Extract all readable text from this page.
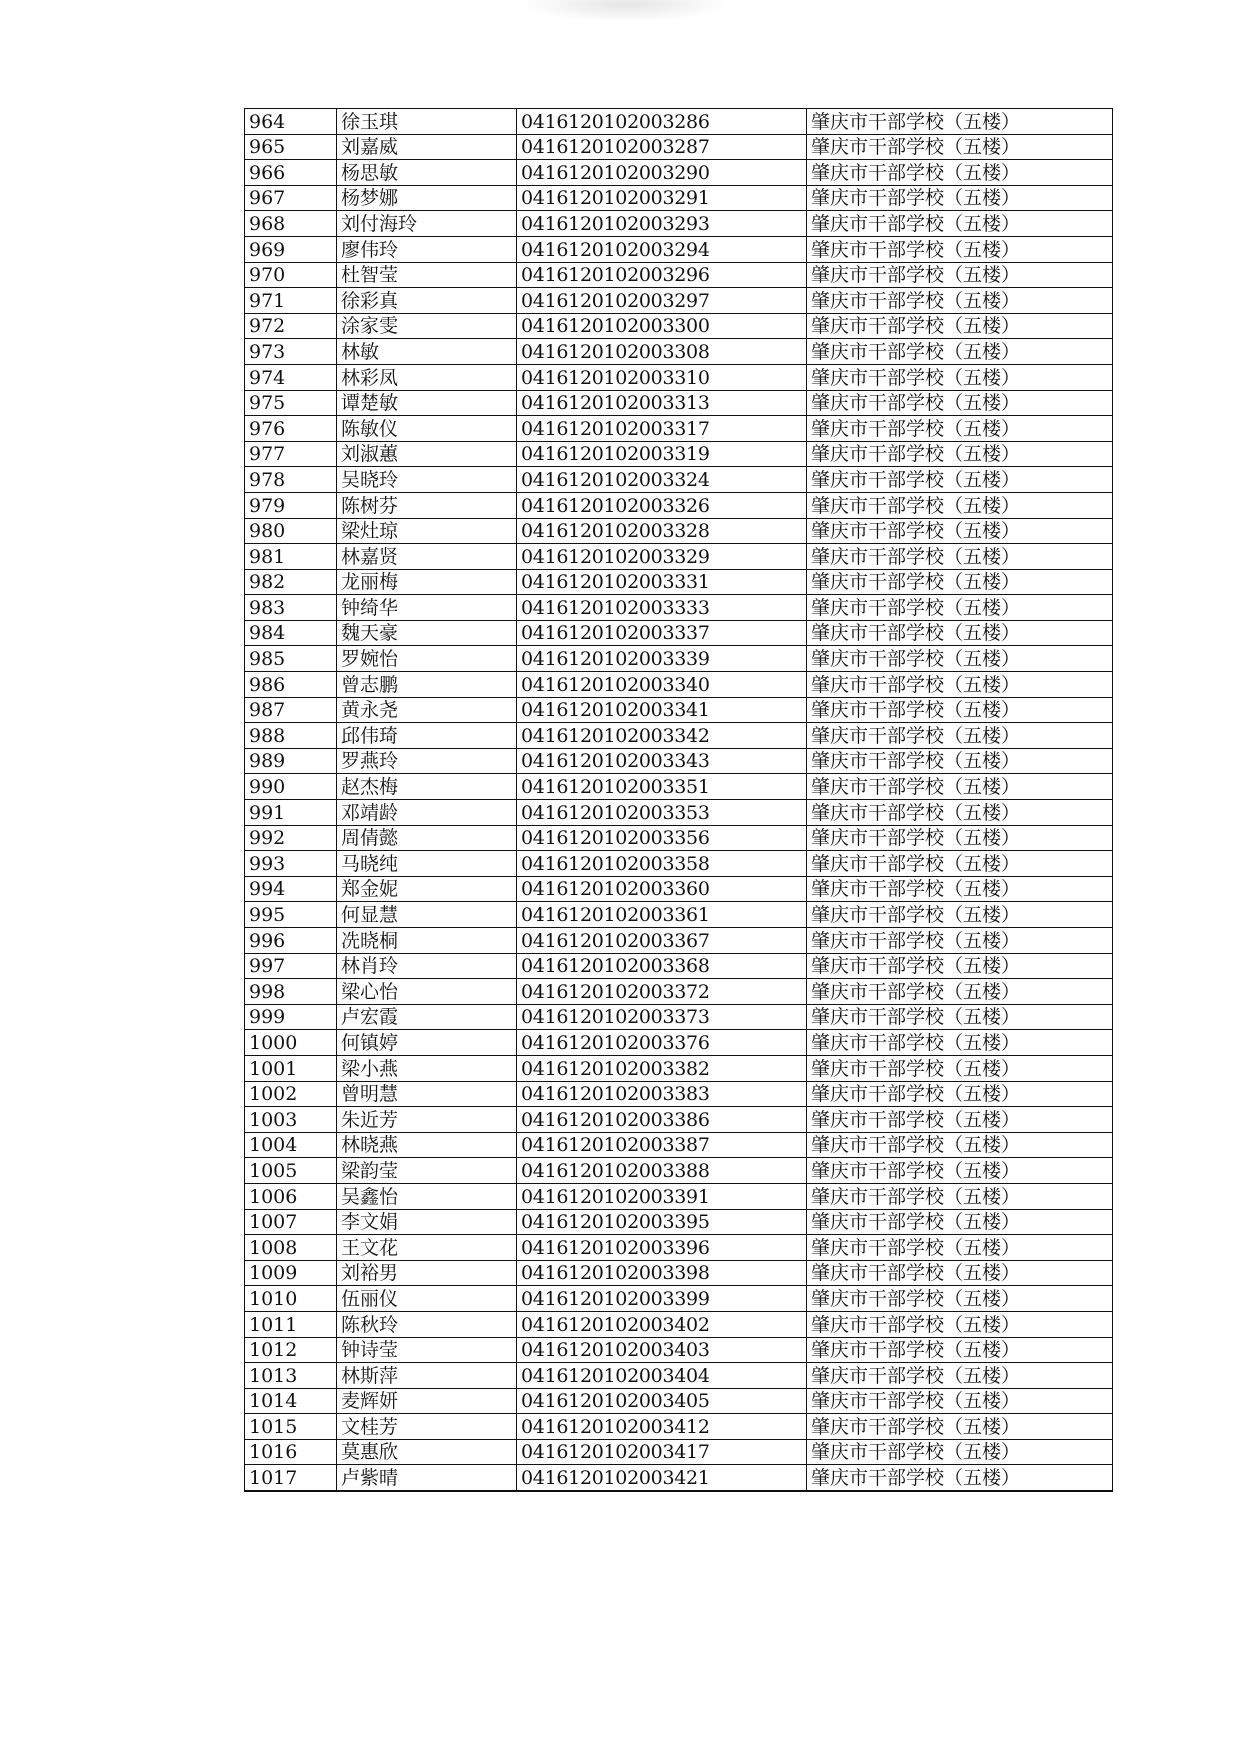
964	徐玉琪	0416120102003286	肇庆市干部学校（五楼）
965	刘嘉威	0416120102003287	肇庆市干部学校（五楼）
966	杨思敏	0416120102003290	肇庆市干部学校（五楼）
967	杨梦娜	0416120102003291	肇庆市干部学校（五楼）
968	刘付海玲	0416120102003293	肇庆市干部学校（五楼）
969	廖伟玲	0416120102003294	肇庆市干部学校（五楼）
970	杜智莹	0416120102003296	肇庆市干部学校（五楼）
971	徐彩真	0416120102003297	肇庆市干部学校（五楼）
972	涂家雯	0416120102003300	肇庆市干部学校（五楼）
973	林敏	0416120102003308	肇庆市干部学校（五楼）
974	林彩凤	0416120102003310	肇庆市干部学校（五楼）
975	谭楚敏	0416120102003313	肇庆市干部学校（五楼）
976	陈敏仪	0416120102003317	肇庆市干部学校（五楼）
977	刘淑蕙	0416120102003319	肇庆市干部学校（五楼）
978	吴晓玲	0416120102003324	肇庆市干部学校（五楼）
979	陈树芬	0416120102003326	肇庆市干部学校（五楼）
980	梁灶琼	0416120102003328	肇庆市干部学校（五楼）
981	林嘉贤	0416120102003329	肇庆市干部学校（五楼）
982	龙丽梅	0416120102003331	肇庆市干部学校（五楼）
983	钟绮华	0416120102003333	肇庆市干部学校（五楼）
984	魏天豪	0416120102003337	肇庆市干部学校（五楼）
985	罗婉怡	0416120102003339	肇庆市干部学校（五楼）
986	曾志鹏	0416120102003340	肇庆市干部学校（五楼）
987	黄永尧	0416120102003341	肇庆市干部学校（五楼）
988	邱伟琦	0416120102003342	肇庆市干部学校（五楼）
989	罗燕玲	0416120102003343	肇庆市干部学校（五楼）
990	赵杰梅	0416120102003351	肇庆市干部学校（五楼）
991	邓靖龄	0416120102003353	肇庆市干部学校（五楼）
992	周倩懿	0416120102003356	肇庆市干部学校（五楼）
993	马晓纯	0416120102003358	肇庆市干部学校（五楼）
994	郑金妮	0416120102003360	肇庆市干部学校（五楼）
995	何显慧	0416120102003361	肇庆市干部学校（五楼）
996	冼晓桐	0416120102003367	肇庆市干部学校（五楼）
997	林肖玲	0416120102003368	肇庆市干部学校（五楼）
998	梁心怡	0416120102003372	肇庆市干部学校（五楼）
999	卢宏霞	0416120102003373	肇庆市干部学校（五楼）
1000	何镇婷	0416120102003376	肇庆市干部学校（五楼）
1001	梁小燕	0416120102003382	肇庆市干部学校（五楼）
1002	曾明慧	0416120102003383	肇庆市干部学校（五楼）
1003	朱近芳	0416120102003386	肇庆市干部学校（五楼）
1004	林晓燕	0416120102003387	肇庆市干部学校（五楼）
1005	梁韵莹	0416120102003388	肇庆市干部学校（五楼）
1006	吴鑫怡	0416120102003391	肇庆市干部学校（五楼）
1007	李文娟	0416120102003395	肇庆市干部学校（五楼）
1008	王文花	0416120102003396	肇庆市干部学校（五楼）
1009	刘裕男	0416120102003398	肇庆市干部学校（五楼）
1010	伍丽仪	0416120102003399	肇庆市干部学校（五楼）
1011	陈秋玲	0416120102003402	肇庆市干部学校（五楼）
1012	钟诗莹	0416120102003403	肇庆市干部学校（五楼）
1013	林斯萍	0416120102003404	肇庆市干部学校（五楼）
1014	麦辉妍	0416120102003405	肇庆市干部学校（五楼）
1015	文桂芳	0416120102003412	肇庆市干部学校（五楼）
1016	莫惠欣	0416120102003417	肇庆市干部学校（五楼）
1017	卢紫晴	0416120102003421	肇庆市干部学校（五楼）
